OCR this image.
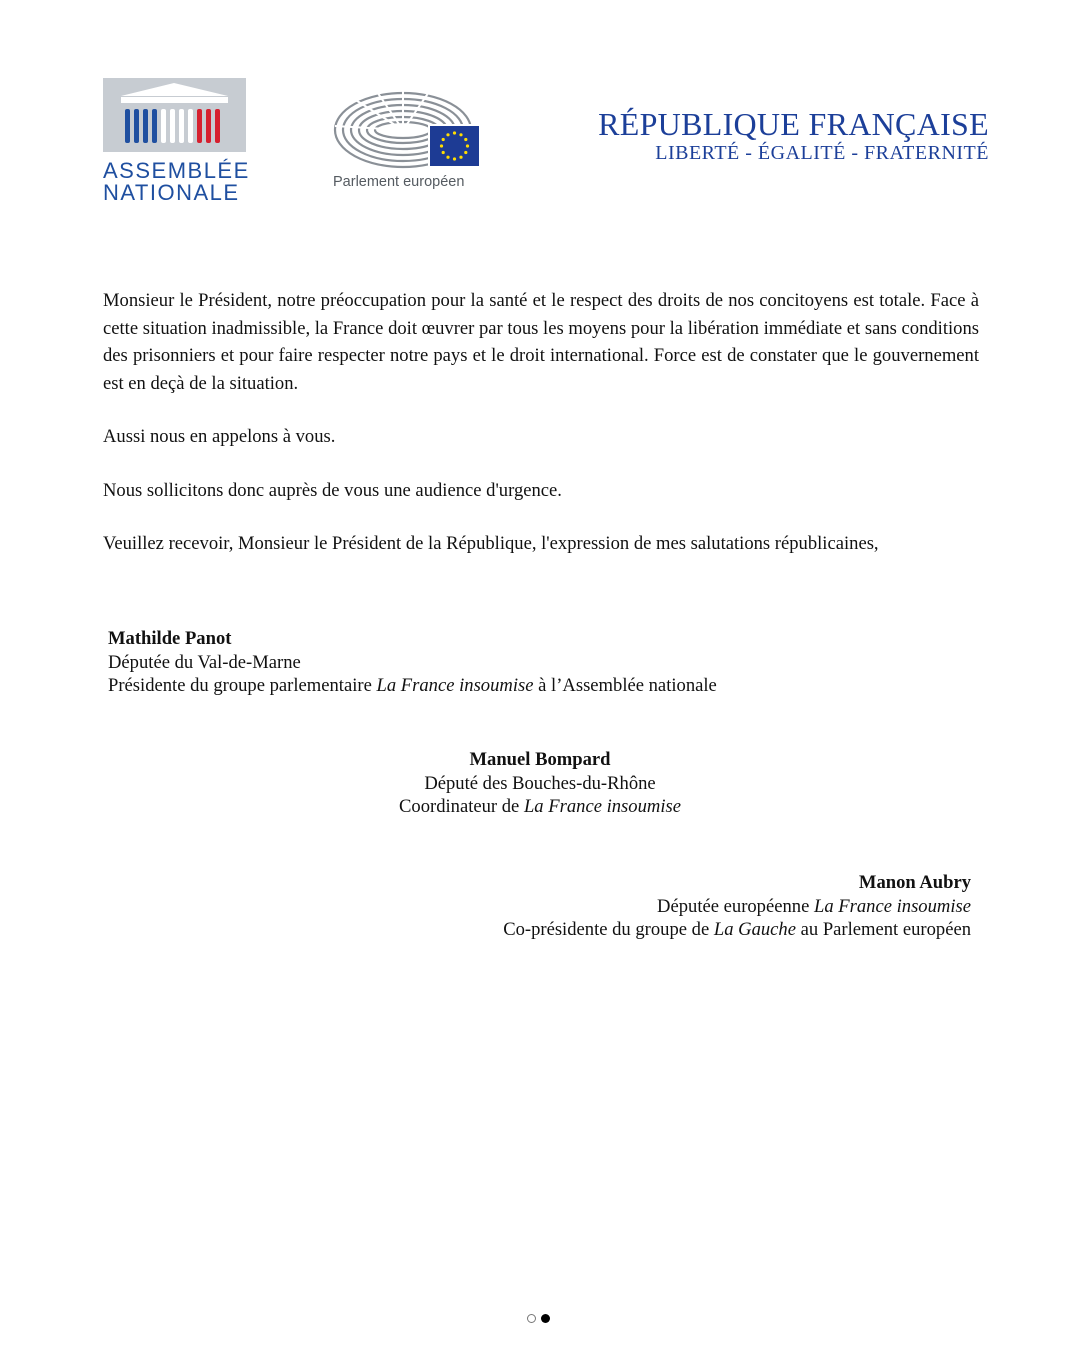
ASSEMBLÉE
NATIONALE	Parlement européen
RÉPUBLIQUE FRANÇAISE
LIBERTÉ - ÉGALITÉ - FRATERNITÉ

Monsieur le Président, notre préoccupation pour la santé et le respect des droits de nos concitoyens est totale. Face à cette situation inadmissible, la France doit œuvrer par tous les moyens pour la libération immédiate et sans conditions des prisonniers et pour faire respecter notre pays et le droit international. Force est de constater que le gouvernement est en deçà de la situation.

Aussi nous en appelons à vous.

Nous sollicitons donc auprès de vous une audience d'urgence.

Veuillez recevoir, Monsieur le Président de la République, l'expression de mes salutations républicaines,

Mathilde Panot
Députée du Val-de-Marne
Présidente du groupe parlementaire La France insoumise à l’Assemblée nationale
Manuel Bompard
Député des Bouches-du-Rhône
Coordinateur de La France insoumise
Manon Aubry
Députée européenne La France insoumise
Co-présidente du groupe de La Gauche au Parlement européen
